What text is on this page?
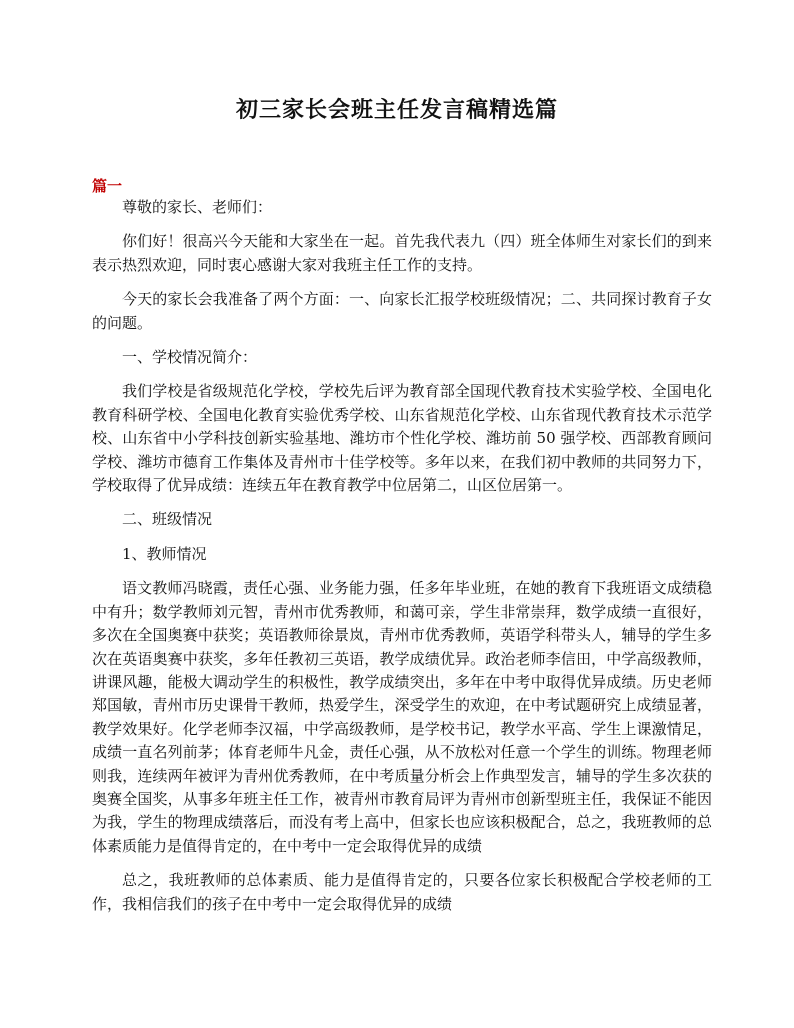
初三家长会班主任发言稿精选篇
篇一

尊敬的家长、老师们：

你们好！很高兴今天能和大家坐在一起。首先我代表九（四）班全体师生对家长们的到来表示热烈欢迎，同时衷心感谢大家对我班主任工作的支持。

今天的家长会我准备了两个方面：一、向家长汇报学校班级情况；二、共同探讨教育子女的问题。

一、学校情况简介：

我们学校是省级规范化学校，学校先后评为教育部全国现代教育技术实验学校、全国电化教育科研学校、全国电化教育实验优秀学校、山东省规范化学校、山东省现代教育技术示范学校、山东省中小学科技创新实验基地、潍坊市个性化学校、潍坊前 50 强学校、西部教育顾问学校、潍坊市德育工作集体及青州市十佳学校等。多年以来，在我们初中教师的共同努力下，学校取得了优异成绩：连续五年在教育教学中位居第二，山区位居第一。

二、班级情况

1、教师情况

语文教师冯晓霞，责任心强、业务能力强，任多年毕业班，在她的教育下我班语文成绩稳中有升；数学教师刘元智，青州市优秀教师，和蔼可亲，学生非常崇拜，数学成绩一直很好，多次在全国奥赛中获奖；英语教师徐景岚，青州市优秀教师，英语学科带头人，辅导的学生多次在英语奥赛中获奖，多年任教初三英语，教学成绩优异。政治老师李信田，中学高级教师，讲课风趣，能极大调动学生的积极性，教学成绩突出，多年在中考中取得优异成绩。历史老师郑国敏，青州市历史课骨干教师，热爱学生，深受学生的欢迎，在中考试题研究上成绩显著，教学效果好。化学老师李汉福，中学高级教师，是学校书记，教学水平高、学生上课激情足，成绩一直名列前茅；体育老师牛凡金，责任心强，从不放松对任意一个学生的训练。物理老师则我，连续两年被评为青州优秀教师，在中考质量分析会上作典型发言，辅导的学生多次获的奥赛全国奖，从事多年班主任工作，被青州市教育局评为青州市创新型班主任，我保证不能因为我，学生的物理成绩落后，而没有考上高中，但家长也应该积极配合，总之，我班教师的总体素质能力是值得肯定的，在中考中一定会取得优异的成绩

总之，我班教师的总体素质、能力是值得肯定的，只要各位家长积极配合学校老师的工作，我相信我们的孩子在中考中一定会取得优异的成绩
